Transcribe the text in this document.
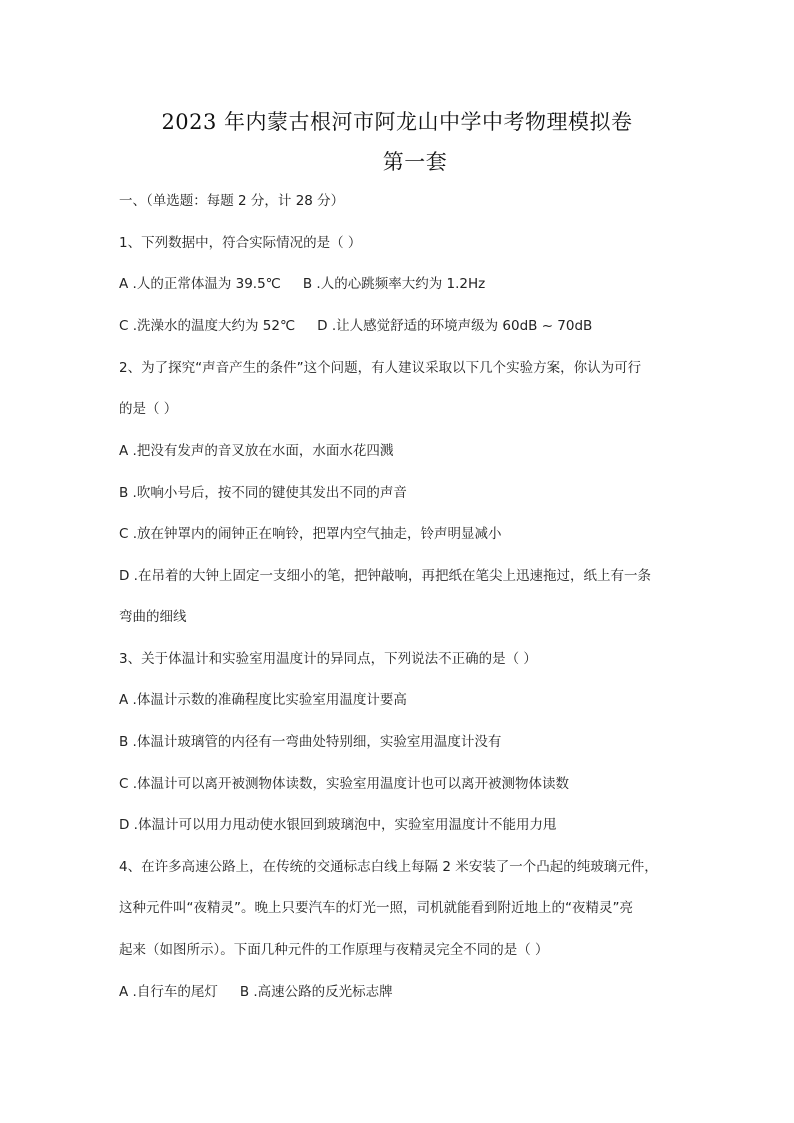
2023 年内蒙古根河市阿龙山中学中考物理模拟卷
第一套
一、（单选题：每题 2 分，计 28 分）
1、下列数据中，符合实际情况的是（ ）
A .人的正常体温为 39.5℃ B .人的心跳频率大约为 1.2Hz
C .洗澡水的温度大约为 52℃ D .让人感觉舒适的环境声级为 60dB ~ 70dB
2、为了探究“声音产生的条件”这个问题，有人建议采取以下几个实验方案，你认为可行
的是（ ）
A .把没有发声的音叉放在水面，水面水花四溅
B .吹响小号后，按不同的键使其发出不同的声音
C .放在钟罩内的闹钟正在响铃，把罩内空气抽走，铃声明显减小
D .在吊着的大钟上固定一支细小的笔，把钟敲响，再把纸在笔尖上迅速拖过，纸上有一条
弯曲的细线
3、关于体温计和实验室用温度计的异同点，下列说法不正确的是（ ）
A .体温计示数的准确程度比实验室用温度计要高
B .体温计玻璃管的内径有一弯曲处特别细，实验室用温度计没有
C .体温计可以离开被测物体读数，实验室用温度计也可以离开被测物体读数
D .体温计可以用力甩动使水银回到玻璃泡中，实验室用温度计不能用力甩
4、在许多高速公路上，在传统的交通标志白线上每隔 2 米安装了一个凸起的纯玻璃元件，
这种元件叫“夜精灵”。晚上只要汽车的灯光一照，司机就能看到附近地上的“夜精灵”亮
起来（如图所示）。下面几种元件的工作原理与夜精灵完全不同的是（ ）
A .自行车的尾灯 B .高速公路的反光标志牌
